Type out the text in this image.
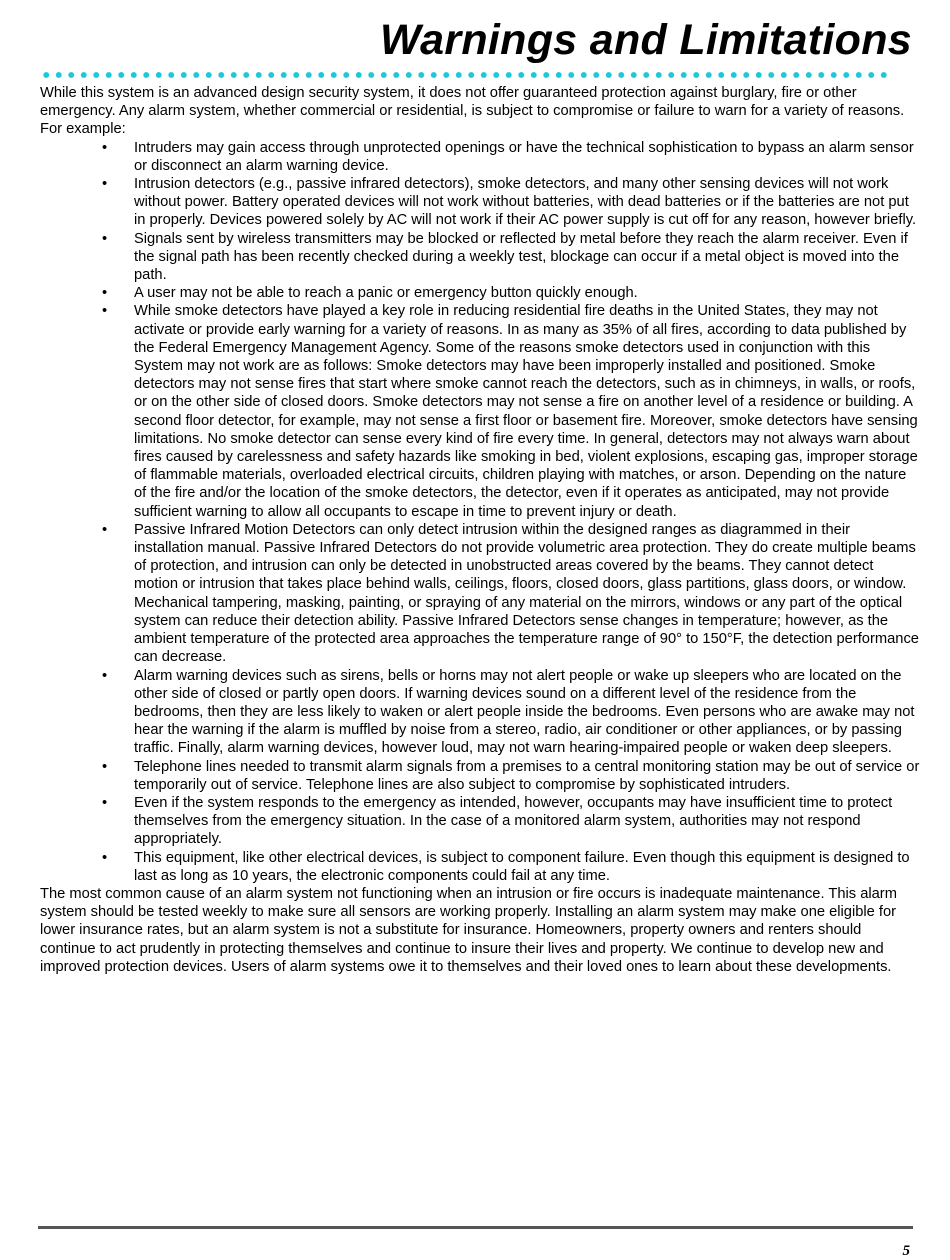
Warnings and Limitations

While this system is an advanced design security system, it does not offer guaranteed protection against burglary, fire or other emergency. Any alarm system, whether commercial or residential, is subject to compromise or failure to warn for a variety of reasons.

For example:

• Intruders may gain access through unprotected openings or have the technical sophistication to bypass an alarm sensor or disconnect an alarm warning device.
• Intrusion detectors (e.g., passive infrared detectors), smoke detectors, and many other sensing devices will not work without power. Battery operated devices will not work without batteries, with dead batteries or if the batteries are not put in properly. Devices powered solely by AC will not work if their AC power supply is cut off for any reason, however briefly.
• Signals sent by wireless transmitters may be blocked or reflected by metal before they reach the alarm receiver. Even if the signal path has been recently checked during a weekly test, blockage can occur if a metal object is moved into the path.
• A user may not be able to reach a panic or emergency button quickly enough.
• While smoke detectors have played a key role in reducing residential fire deaths in the United States, they may not activate or provide early warning for a variety of reasons. In as many as 35% of all fires, according to data published by the Federal Emergency Management Agency. Some of the reasons smoke detectors used in conjunction with this System may not work are as follows: Smoke detectors may have been improperly installed and positioned. Smoke detectors may not sense fires that start where smoke cannot reach the detectors, such as in chimneys, in walls, or roofs, or on the other side of closed doors. Smoke detectors may not sense a fire on another level of a residence or building. A second floor detector, for example, may not sense a first floor or basement fire. Moreover, smoke detectors have sensing limitations. No smoke detector can sense every kind of fire every time. In general, detectors may not always warn about fires caused by carelessness and safety hazards like smoking in bed, violent explosions, escaping gas, improper storage of flammable materials, overloaded electrical circuits, children playing with matches, or arson. Depending on the nature of the fire and/or the location of the smoke detectors, the detector, even if it operates as anticipated, may not provide sufficient warning to allow all occupants to escape in time to prevent injury or death.
• Passive Infrared Motion Detectors can only detect intrusion within the designed ranges as diagrammed in their installation manual. Passive Infrared Detectors do not provide volumetric area protection. They do create multiple beams of protection, and intrusion can only be detected in unobstructed areas covered by the beams. They cannot detect motion or intrusion that takes place behind walls, ceilings, floors, closed doors, glass partitions, glass doors, or window. Mechanical tampering, masking, painting, or spraying of any material on the mirrors, windows or any part of the optical system can reduce their detection ability. Passive Infrared Detectors sense changes in temperature; however, as the ambient temperature of the protected area approaches the temperature range of 90° to 150°F, the detection performance can decrease.
• Alarm warning devices such as sirens, bells or horns may not alert people or wake up sleepers who are located on the other side of closed or partly open doors. If warning devices sound on a different level of the residence from the bedrooms, then they are less likely to waken or alert people inside the bedrooms. Even persons who are awake may not hear the warning if the alarm is muffled by noise from a stereo, radio, air conditioner or other appliances, or by passing traffic. Finally, alarm warning devices, however loud, may not warn hearing-impaired people or waken deep sleepers.
• Telephone lines needed to transmit alarm signals from a premises to a central monitoring station may be out of service or temporarily out of service. Telephone lines are also subject to compromise by sophisticated intruders.
• Even if the system responds to the emergency as intended, however, occupants may have insufficient time to protect themselves from the emergency situation. In the case of a monitored alarm system, authorities may not respond appropriately.
• This equipment, like other electrical devices, is subject to component failure. Even though this equipment is designed to last as long as 10 years, the electronic components could fail at any time.

The most common cause of an alarm system not functioning when an intrusion or fire occurs is inadequate maintenance. This alarm system should be tested weekly to make sure all sensors are working properly. Installing an alarm system may make one eligible for lower insurance rates, but an alarm system is not a substitute for insurance. Homeowners, property owners and renters should continue to act prudently in protecting themselves and continue to insure their lives and property. We continue to develop new and improved protection devices. Users of alarm systems owe it to themselves and their loved ones to learn about these developments.

5
